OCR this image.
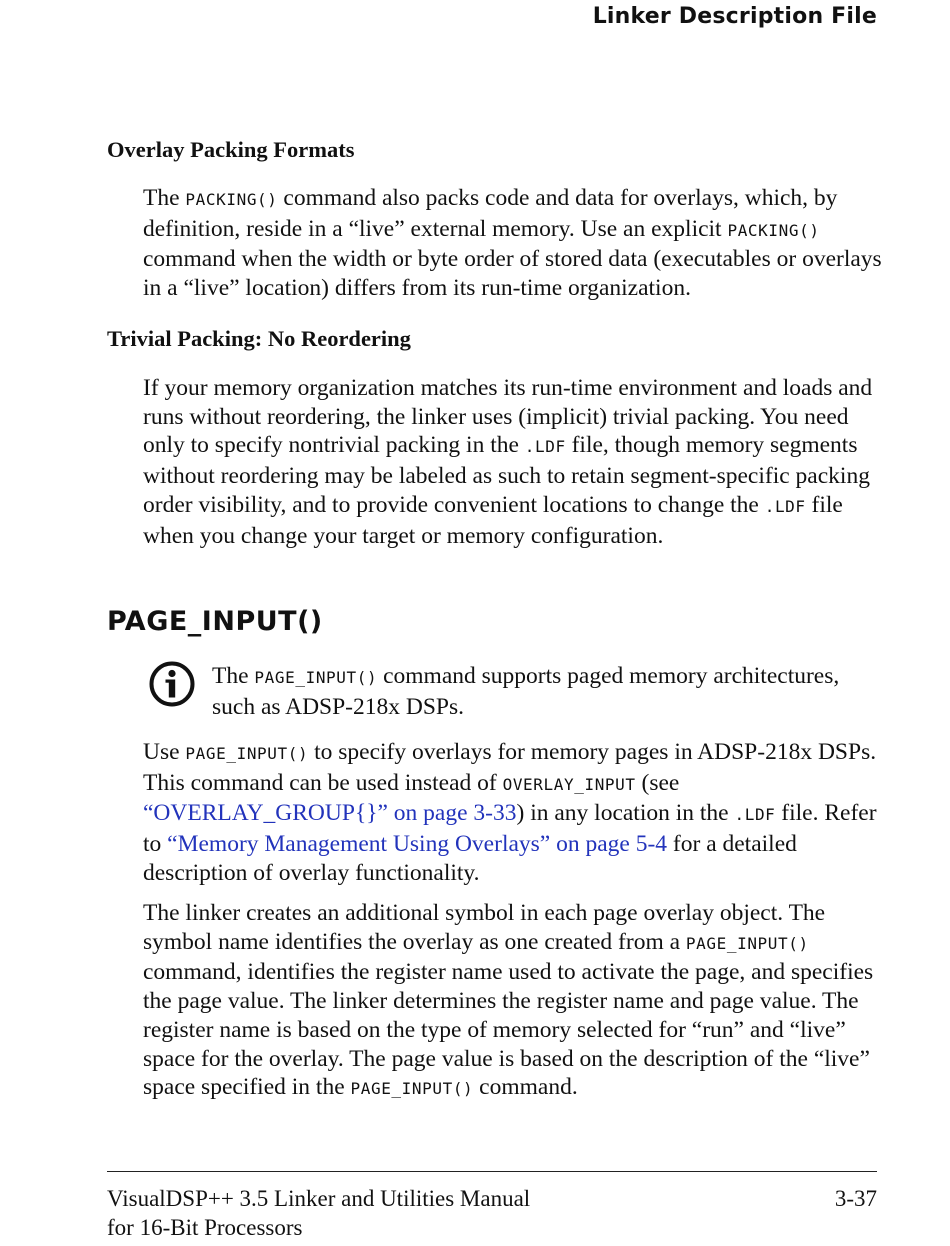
Linker Description File
Overlay Packing Formats

The PACKING() command also packs code and data for overlays, which, by definition, reside in a “live” external memory. Use an explicit PACKING() command when the width or byte order of stored data (executables or overlays in a “live” location) differs from its run-time organization.

Trivial Packing: No Reordering

If your memory organization matches its run-time environment and loads and runs without reordering, the linker uses (implicit) trivial packing. You need only to specify nontrivial packing in the .LDF file, though memory segments without reordering may be labeled as such to retain segment-specific packing order visibility, and to provide convenient locations to change the .LDF file when you change your target or memory configuration.

PAGE_INPUT()

The PAGE_INPUT() command supports paged memory architectures, such as ADSP-218x DSPs.

Use PAGE_INPUT() to specify overlays for memory pages in ADSP-218x DSPs. This command can be used instead of OVERLAY_INPUT (see “OVERLAY_GROUP{}” on page 3-33) in any location in the .LDF file. Refer to “Memory Management Using Overlays” on page 5-4 for a detailed description of overlay functionality.

The linker creates an additional symbol in each page overlay object. The symbol name identifies the overlay as one created from a PAGE_INPUT() command, identifies the register name used to activate the page, and specifies the page value. The linker determines the register name and page value. The register name is based on the type of memory selected for “run” and “live” space for the overlay. The page value is based on the description of the “live” space specified in the PAGE_INPUT() command.

VisualDSP++ 3.5 Linker and Utilities Manual
for 16-Bit Processors
3-37
